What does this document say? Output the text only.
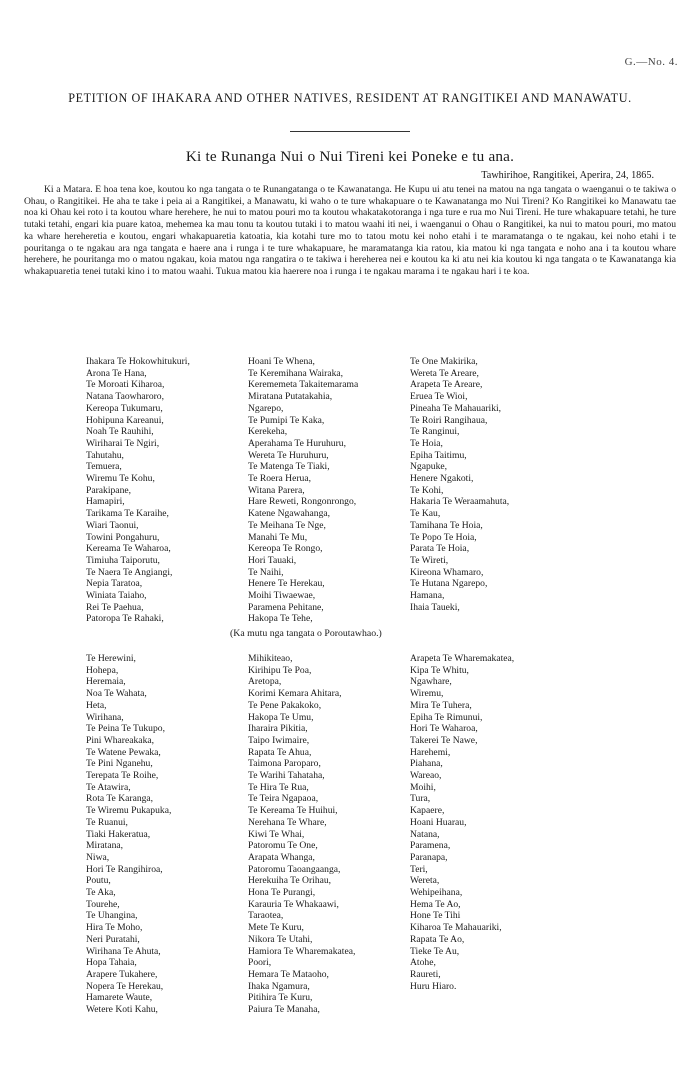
G.—No. 4.
PETITION OF IHAKARA AND OTHER NATIVES, RESIDENT AT RANGITIKEI AND MANAWATU.
Ki te Runanga Nui o Nui Tireni kei Poneke e tu ana.
Tawhirihoe, Rangitikei, Aperira, 24, 1865.

Ki a Matara. E hoa tena koe, koutou ko nga tangata o te Runangatanga o te Kawanatanga. He Kupu ui atu tenei na matou na nga tangata o waenganui o te takiwa o Ohau, o Rangitikei. He aha te take i peia ai a Rangitikei, a Manawatu, ki waho o te ture whakapuare o te Kawanatanga mo Nui Tireni? Ko Rangitikei ko Manawatu tae noa ki Ohau kei roto i ta koutou whare herehere, he nui to matou pouri mo ta koutou whakatakotoranga i nga ture e rua mo Nui Tireni. He ture whakapuare tetahi, he ture tutaki tetahi, engari kia puare katoa, mehemea ka mau tonu ta koutou tutaki i to matou waahi iti nei, i waenganui o Ohau o Rangitikei, ka nui to matou pouri, mo matou ka whare hereheretia e koutou, engari whakapuaretia katoatia, kia kotahi ture mo to tatou motu kei noho etahi i te maramatanga o te ngakau, kei noho etahi i te pouritanga o te ngakau ara nga tangata e haere ana i runga i te ture whakapuare, he maramatanga kia ratou, kia matou ki nga tangata e noho ana i ta koutou whare herehere, he pouritanga mo o matou ngakau, koia matou nga rangatira o te takiwa i hereherea nei e koutou ka ki atu nei kia koutou ki nga tangata o te Kawanatanga kia whakapuaretia tenei tutaki kino i to matou waahi. Tukua matou kia haerere noa i runga i te ngakau marama i te ngakau hari i te koa.

Ihakara Te Hokowhitukuri,
Arona Te Hana,
Te Moroati Kiharoa,
Natana Taowharoro,
Kereopa Tukumaru,
Hohipuna Kareanui,
Noah Te Rauhihi,
Wiriharai Te Ngiri,
Tahutahu,
Temuera,
Wiremu Te Kohu,
Parakipane,
Hamapiri,
Tarikama Te Karaihe,
Wiari Taonui,
Towini Pongahuru,
Kereama Te Waharoa,
Timiuha Taiporutu,
Te Naera Te Angiangi,
Nepia Taratoa,
Winiata Taiaho,
Rei Te Paehua,
Patoropa Te Rahaki,
Hoani Te Whena,
Te Keremihana Wairaka,
Kerememeta Takaitemarama
Miratana Putatakahia,
Ngarepo,
Te Pumipi Te Kaka,
Kerekeha,
Aperahama Te Huruhuru,
Wereta Te Huruhuru,
Te Matenga Te Tiaki,
Te Roera Herua,
Witana Parera,
Hare Reweti, Rongonrongo,
Katene Ngawahanga,
Te Meihana Te Nge,
Manahi Te Mu,
Kereopa Te Rongo,
Hori Tauaki,
Te Naihi,
Henere Te Herekau,
Moihi Tiwaewae,
Paramena Pehitane,
Hakopa Te Tehe,
Te One Makirika,
Wereta Te Areare,
Arapeta Te Areare,
Eruea Te Wioi,
Pineaha Te Mahauariki,
Te Roiri Rangihaua,
Te Ranginui,
Te Hoia,
Epiha Taitimu,
Ngapuke,
Henere Ngakoti,
Te Kohi,
Hakaria Te Weraamahuta,
Te Kau,
Tamihana Te Hoia,
Te Popo Te Hoia,
Parata Te Hoia,
Te Wireti,
Kireona Whamaro,
Te Hutana Ngarepo,
Hamana,
Ihaia Taueki,
(Ka mutu nga tangata o Poroutawhao.)
Te Herewini,
Hohepa,
Heremaia,
Noa Te Wahata,
Heta,
Wirihana,
Te Peina Te Tukupo,
Pini Whareakaka,
Te Watene Pewaka,
Te Pini Nganehu,
Terepata Te Roihe,
Te Atawira,
Rota Te Karanga,
Te Wiremu Pukapuka,
Te Ruanui,
Tiaki Hakeratua,
Miratana,
Niwa,
Hori Te Rangihiroa,
Poutu,
Te Aka,
Tourehe,
Te Uhangina,
Hira Te Moho,
Neri Puratahi,
Wirihana Te Ahuta,
Hopa Tahaia,
Arapere Tukahere,
Nopera Te Herekau,
Hamarete Waute,
Wetere Koti Kahu,
Mihikiteao,
Kirihipu Te Poa,
Aretopa,
Korimi Kemara Ahitara,
Te Pene Pakakoko,
Hakopa Te Umu,
Iharaira Pikitia,
Taipo Iwimaire,
Rapata Te Ahua,
Taimona Paroparo,
Te Warihi Tahataha,
Te Hira Te Rua,
Te Teira Ngapaoa,
Te Kereama Te Huihui,
Nerehana Te Whare,
Kiwi Te Whai,
Patoromu Te One,
Arapata Whanga,
Patoromu Taoangaanga,
Herekuiha Te Orihau,
Hona Te Purangi,
Karauria Te Whakaawi,
Taraotea,
Mete Te Kuru,
Nikora Te Utahi,
Hamiora Te Wharemakatea,
Poori,
Hemara Te Mataoho,
Ihaka Ngamura,
Pitihira Te Kuru,
Paiura Te Manaha,
Arapeta Te Wharemakatea,
Kipa Te Whitu,
Ngawhare,
Wiremu,
Mira Te Tuhera,
Epiha Te Rimunui,
Hori Te Waharoa,
Takerei Te Nawe,
Harehemi,
Piahana,
Wareao,
Moihi,
Tura,
Kapaere,
Hoani Huarau,
Natana,
Paramena,
Paranapa,
Teri,
Wereta,
Wehipeihana,
Hema Te Ao,
Hone Te Tihi
Kiharoa Te Mahauariki,
Rapata Te Ao,
Tieke Te Au,
Atohe,
Raureti,
Huru Hiaro.
